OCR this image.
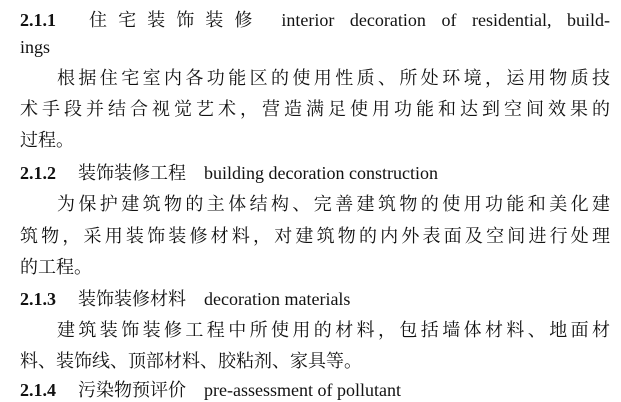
2.1.1 住宅装饰装修 interior decoration of residential, build-
ings
根据住宅室内各功能区的使用性质、所处环境，运用物质技
术手段并结合视觉艺术，营造满足使用功能和达到空间效果的
过程。
2.1.2 装饰装修工程 building decoration construction
为保护建筑物的主体结构、完善建筑物的使用功能和美化建
筑物，采用装饰装修材料，对建筑物的内外表面及空间进行处理
的工程。
2.1.3 装饰装修材料 decoration materials
建筑装饰装修工程中所使用的材料，包括墙体材料、地面材
料、装饰线、顶部材料、胶粘剂、家具等。
2.1.4 污染物预评价 pre-assessment of pollutant
